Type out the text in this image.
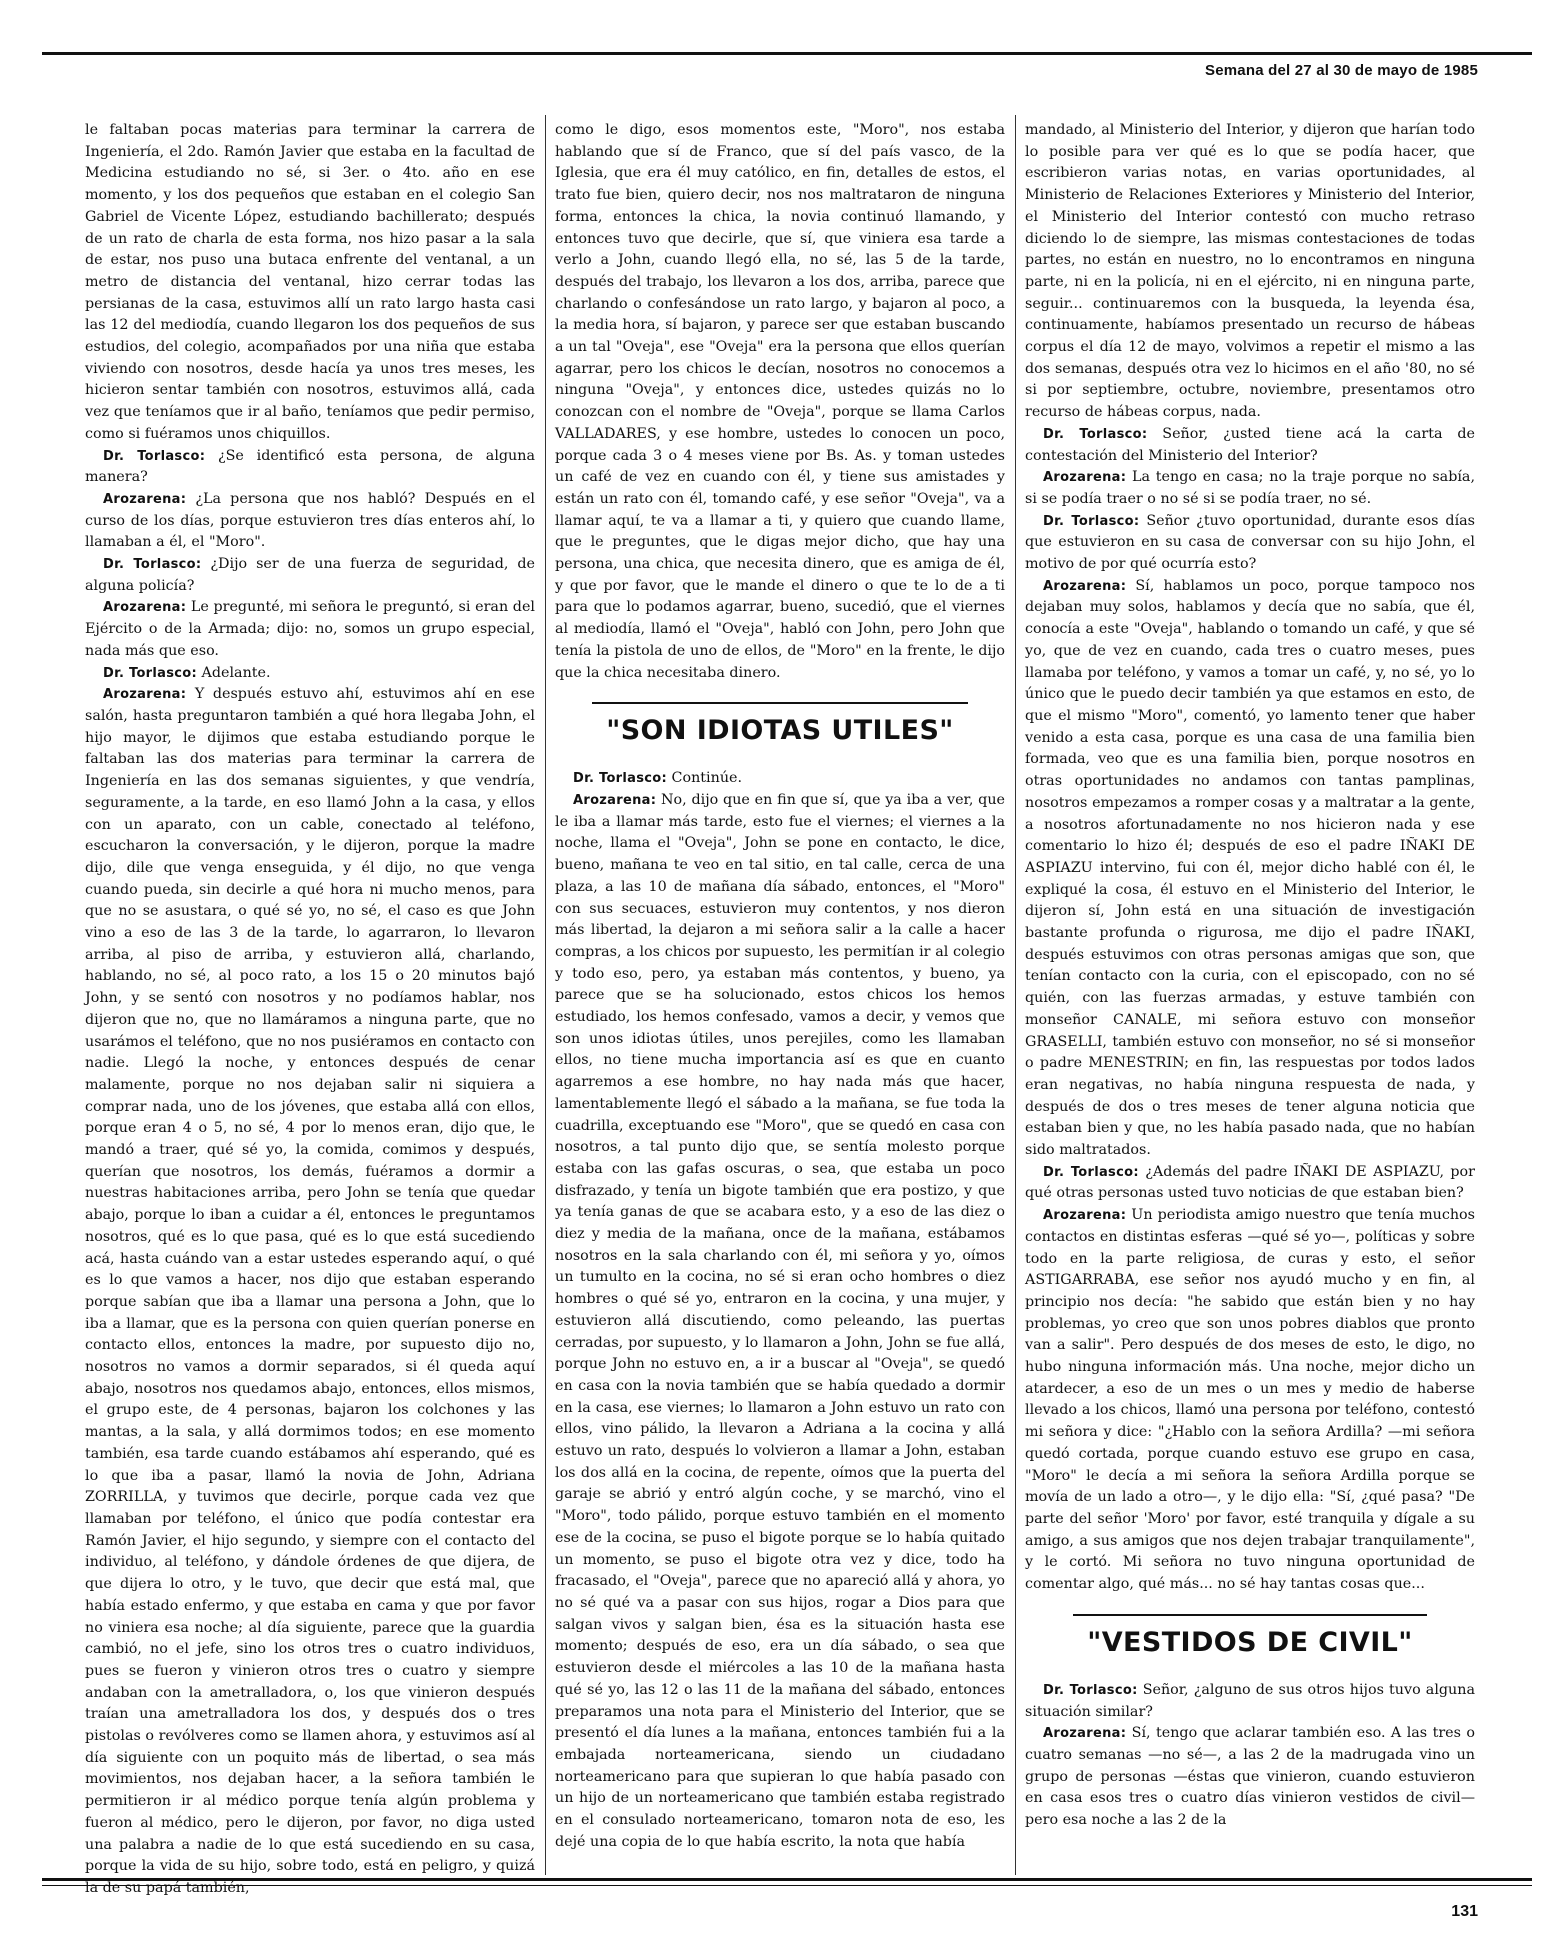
Semana del 27 al 30 de mayo de 1985

le faltaban pocas materias para terminar la carrera de Ingeniería, el 2do. Ramón Javier que estaba en la facultad de Medicina estudiando no sé, si 3er. o 4to. año en ese momento, y los dos pequeños que estaban en el colegio San Gabriel de Vicente López, estudiando bachillerato; después de un rato de charla de esta forma, nos hizo pasar a la sala de estar, nos puso una butaca enfrente del ventanal, a un metro de distancia del ventanal, hizo cerrar todas las persianas de la casa, estuvimos allí un rato largo hasta casi las 12 del mediodía, cuando llegaron los dos pequeños de sus estudios, del colegio, acompañados por una niña que estaba viviendo con nosotros, desde hacía ya unos tres meses, les hicieron sentar también con nosotros, estuvimos allá, cada vez que teníamos que ir al baño, teníamos que pedir permiso, como si fuéramos unos chiquillos.

Dr. Torlasco: ¿Se identificó esta persona, de alguna manera?

Arozarena: ¿La persona que nos habló? Después en el curso de los días, porque estuvieron tres días enteros ahí, lo llamaban a él, el "Moro".

Dr. Torlasco: ¿Dijo ser de una fuerza de seguridad, de alguna policía?

Arozarena: Le pregunté, mi señora le preguntó, si eran del Ejército o de la Armada; dijo: no, somos un grupo especial, nada más que eso.

Dr. Torlasco: Adelante.

Arozarena: Y después estuvo ahí, estuvimos ahí en ese salón, hasta preguntaron también a qué hora llegaba John, el hijo mayor, le dijimos que estaba estudiando porque le faltaban las dos materias para terminar la carrera de Ingeniería en las dos semanas siguientes, y que vendría, seguramente, a la tarde, en eso llamó John a la casa, y ellos con un aparato, con un cable, conectado al teléfono, escucharon la conversación, y le dijeron, porque la madre dijo, dile que venga enseguida, y él dijo, no que venga cuando pueda, sin decirle a qué hora ni mucho menos, para que no se asustara, o qué sé yo, no sé, el caso es que John vino a eso de las 3 de la tarde, lo agarraron, lo llevaron arriba, al piso de arriba, y estuvieron allá, charlando, hablando, no sé, al poco rato, a los 15 o 20 minutos bajó John, y se sentó con nosotros y no podíamos hablar, nos dijeron que no, que no llamáramos a ninguna parte, que no usarámos el teléfono, que no nos pusiéramos en contacto con nadie. Llegó la noche, y entonces después de cenar malamente, porque no nos dejaban salir ni siquiera a comprar nada, uno de los jóvenes, que estaba allá con ellos, porque eran 4 o 5, no sé, 4 por lo menos eran, dijo que, le mandó a traer, qué sé yo, la comida, comimos y después, querían que nosotros, los demás, fuéramos a dormir a nuestras habitaciones arriba, pero John se tenía que quedar abajo, porque lo iban a cuidar a él, entonces le preguntamos nosotros, qué es lo que pasa, qué es lo que está sucediendo acá, hasta cuándo van a estar ustedes esperando aquí, o qué es lo que vamos a hacer, nos dijo que estaban esperando porque sabían que iba a llamar una persona a John, que lo iba a llamar, que es la persona con quien querían ponerse en contacto ellos, entonces la madre, por supuesto dijo no, nosotros no vamos a dormir separados, si él queda aquí abajo, nosotros nos quedamos abajo, entonces, ellos mismos, el grupo este, de 4 personas, bajaron los colchones y las mantas, a la sala, y allá dormimos todos; en ese momento también, esa tarde cuando estábamos ahí esperando, qué es lo que iba a pasar, llamó la novia de John, Adriana ZORRILLA, y tuvimos que decirle, porque cada vez que llamaban por teléfono, el único que podía contestar era Ramón Javier, el hijo segundo, y siempre con el contacto del individuo, al teléfono, y dándole órdenes de que dijera, de que dijera lo otro, y le tuvo, que decir que está mal, que había estado enfermo, y que estaba en cama y que por favor no viniera esa noche; al día siguiente, parece que la guardia cambió, no el jefe, sino los otros tres o cuatro individuos, pues se fueron y vinieron otros tres o cuatro y siempre andaban con la ametralladora, o, los que vinieron después traían una ametralladora los dos, y después dos o tres pistolas o revólveres como se llamen ahora, y estuvimos así al día siguiente con un poquito más de libertad, o sea más movimientos, nos dejaban hacer, a la señora también le permitieron ir al médico porque tenía algún problema y fueron al médico, pero le dijeron, por favor, no diga usted una palabra a nadie de lo que está sucediendo en su casa, porque la vida de su hijo, sobre todo, está en peligro, y quizá la de su papá también,

como le digo, esos momentos este, "Moro", nos estaba hablando que sí de Franco, que sí del país vasco, de la Iglesia, que era él muy católico, en fin, detalles de estos, el trato fue bien, quiero decir, nos nos maltrataron de ninguna forma, entonces la chica, la novia continuó llamando, y entonces tuvo que decirle, que sí, que viniera esa tarde a verlo a John, cuando llegó ella, no sé, las 5 de la tarde, después del trabajo, los llevaron a los dos, arriba, parece que charlando o confesándose un rato largo, y bajaron al poco, a la media hora, sí bajaron, y parece ser que estaban buscando a un tal "Oveja", ese "Oveja" era la persona que ellos querían agarrar, pero los chicos le decían, nosotros no conocemos a ninguna "Oveja", y entonces dice, ustedes quizás no lo conozcan con el nombre de "Oveja", porque se llama Carlos VALLADARES, y ese hombre, ustedes lo conocen un poco, porque cada 3 o 4 meses viene por Bs. As. y toman ustedes un café de vez en cuando con él, y tiene sus amistades y están un rato con él, tomando café, y ese señor "Oveja", va a llamar aquí, te va a llamar a ti, y quiero que cuando llame, que le preguntes, que le digas mejor dicho, que hay una persona, una chica, que necesita dinero, que es amiga de él, y que por favor, que le mande el dinero o que te lo de a ti para que lo podamos agarrar, bueno, sucedió, que el viernes al mediodía, llamó el "Oveja", habló con John, pero John que tenía la pistola de uno de ellos, de "Moro" en la frente, le dijo que la chica necesitaba dinero.

"SON IDIOTAS UTILES"

Dr. Torlasco: Continúe.

Arozarena: No, dijo que en fin que sí, que ya iba a ver, que le iba a llamar más tarde, esto fue el viernes; el viernes a la noche, llama el "Oveja", John se pone en contacto, le dice, bueno, mañana te veo en tal sitio, en tal calle, cerca de una plaza, a las 10 de mañana día sábado, entonces, el "Moro" con sus secuaces, estuvieron muy contentos, y nos dieron más libertad, la dejaron a mi señora salir a la calle a hacer compras, a los chicos por supuesto, les permitían ir al colegio y todo eso, pero, ya estaban más contentos, y bueno, ya parece que se ha solucionado, estos chicos los hemos estudiado, los hemos confesado, vamos a decir, y vemos que son unos idiotas útiles, unos perejiles, como les llamaban ellos, no tiene mucha importancia así es que en cuanto agarremos a ese hombre, no hay nada más que hacer, lamentablemente llegó el sábado a la mañana, se fue toda la cuadrilla, exceptuando ese "Moro", que se quedó en casa con nosotros, a tal punto dijo que, se sentía molesto porque estaba con las gafas oscuras, o sea, que estaba un poco disfrazado, y tenía un bigote también que era postizo, y que ya tenía ganas de que se acabara esto, y a eso de las diez o diez y media de la mañana, once de la mañana, estábamos nosotros en la sala charlando con él, mi señora y yo, oímos un tumulto en la cocina, no sé si eran ocho hombres o diez hombres o qué sé yo, entraron en la cocina, y una mujer, y estuvieron allá discutiendo, como peleando, las puertas cerradas, por supuesto, y lo llamaron a John, John se fue allá, porque John no estuvo en, a ir a buscar al "Oveja", se quedó en casa con la novia también que se había quedado a dormir en la casa, ese viernes; lo llamaron a John estuvo un rato con ellos, vino pálido, la llevaron a Adriana a la cocina y allá estuvo un rato, después lo volvieron a llamar a John, estaban los dos allá en la cocina, de repente, oímos que la puerta del garaje se abrió y entró algún coche, y se marchó, vino el "Moro", todo pálido, porque estuvo también en el momento ese de la cocina, se puso el bigote porque se lo había quitado un momento, se puso el bigote otra vez y dice, todo ha fracasado, el "Oveja", parece que no apareció allá y ahora, yo no sé qué va a pasar con sus hijos, rogar a Dios para que salgan vivos y salgan bien, ésa es la situación hasta ese momento; después de eso, era un día sábado, o sea que estuvieron desde el miércoles a las 10 de la mañana hasta qué sé yo, las 12 o las 11 de la mañana del sábado, entonces preparamos una nota para el Ministerio del Interior, que se presentó el día lunes a la mañana, entonces también fui a la embajada norteamericana, siendo un ciudadano norteamericano para que supieran lo que había pasado con un hijo de un norteamericano que también estaba registrado en el consulado norteamericano, tomaron nota de eso, les dejé una copia de lo que había escrito, la nota que había

mandado, al Ministerio del Interior, y dijeron que harían todo lo posible para ver qué es lo que se podía hacer, que escribieron varias notas, en varias oportunidades, al Ministerio de Relaciones Exteriores y Ministerio del Interior, el Ministerio del Interior contestó con mucho retraso diciendo lo de siempre, las mismas contestaciones de todas partes, no están en nuestro, no lo encontramos en ninguna parte, ni en la policía, ni en el ejército, ni en ninguna parte, seguir... continuaremos con la busqueda, la leyenda ésa, continuamente, habíamos presentado un recurso de hábeas corpus el día 12 de mayo, volvimos a repetir el mismo a las dos semanas, después otra vez lo hicimos en el año '80, no sé si por septiembre, octubre, noviembre, presentamos otro recurso de hábeas corpus, nada.

Dr. Torlasco: Señor, ¿usted tiene acá la carta de contestación del Ministerio del Interior?

Arozarena: La tengo en casa; no la traje porque no sabía, si se podía traer o no sé si se podía traer, no sé.

Dr. Torlasco: Señor ¿tuvo oportunidad, durante esos días que estuvieron en su casa de conversar con su hijo John, el motivo de por qué ocurría esto?

Arozarena: Sí, hablamos un poco, porque tampoco nos dejaban muy solos, hablamos y decía que no sabía, que él, conocía a este "Oveja", hablando o tomando un café, y que sé yo, que de vez en cuando, cada tres o cuatro meses, pues llamaba por teléfono, y vamos a tomar un café, y, no sé, yo lo único que le puedo decir también ya que estamos en esto, de que el mismo "Moro", comentó, yo lamento tener que haber venido a esta casa, porque es una casa de una familia bien formada, veo que es una familia bien, porque nosotros en otras oportunidades no andamos con tantas pamplinas, nosotros empezamos a romper cosas y a maltratar a la gente, a nosotros afortunadamente no nos hicieron nada y ese comentario lo hizo él; después de eso el padre IÑAKI DE ASPIAZU intervino, fui con él, mejor dicho hablé con él, le expliqué la cosa, él estuvo en el Ministerio del Interior, le dijeron sí, John está en una situación de investigación bastante profunda o rigurosa, me dijo el padre IÑAKI, después estuvimos con otras personas amigas que son, que tenían contacto con la curia, con el episcopado, con no sé quién, con las fuerzas armadas, y estuve también con monseñor CANALE, mi señora estuvo con monseñor GRASELLI, también estuvo con monseñor, no sé si monseñor o padre MENESTRIN; en fin, las respuestas por todos lados eran negativas, no había ninguna respuesta de nada, y después de dos o tres meses de tener alguna noticia que estaban bien y que, no les había pasado nada, que no habían sido maltratados.

Dr. Torlasco: ¿Además del padre IÑAKI DE ASPIAZU, por qué otras personas usted tuvo noticias de que estaban bien?

Arozarena: Un periodista amigo nuestro que tenía muchos contactos en distintas esferas —qué sé yo—, políticas y sobre todo en la parte religiosa, de curas y esto, el señor ASTIGARRABA, ese señor nos ayudó mucho y en fin, al principio nos decía: "he sabido que están bien y no hay problemas, yo creo que son unos pobres diablos que pronto van a salir". Pero después de dos meses de esto, le digo, no hubo ninguna información más. Una noche, mejor dicho un atardecer, a eso de un mes o un mes y medio de haberse llevado a los chicos, llamó una persona por teléfono, contestó mi señora y dice: "¿Hablo con la señora Ardilla? —mi señora quedó cortada, porque cuando estuvo ese grupo en casa, "Moro" le decía a mi señora la señora Ardilla porque se movía de un lado a otro—, y le dijo ella: "Sí, ¿qué pasa? "De parte del señor 'Moro' por favor, esté tranquila y dígale a su amigo, a sus amigos que nos dejen trabajar tranquilamente", y le cortó. Mi señora no tuvo ninguna oportunidad de comentar algo, qué más... no sé hay tantas cosas que...

"VESTIDOS DE CIVIL"

Dr. Torlasco: Señor, ¿alguno de sus otros hijos tuvo alguna situación similar?

Arozarena: Sí, tengo que aclarar también eso. A las tres o cuatro semanas —no sé—, a las 2 de la madrugada vino un grupo de personas —éstas que vinieron, cuando estuvieron en casa esos tres o cuatro días vinieron vestidos de civil— pero esa noche a las 2 de la

131
